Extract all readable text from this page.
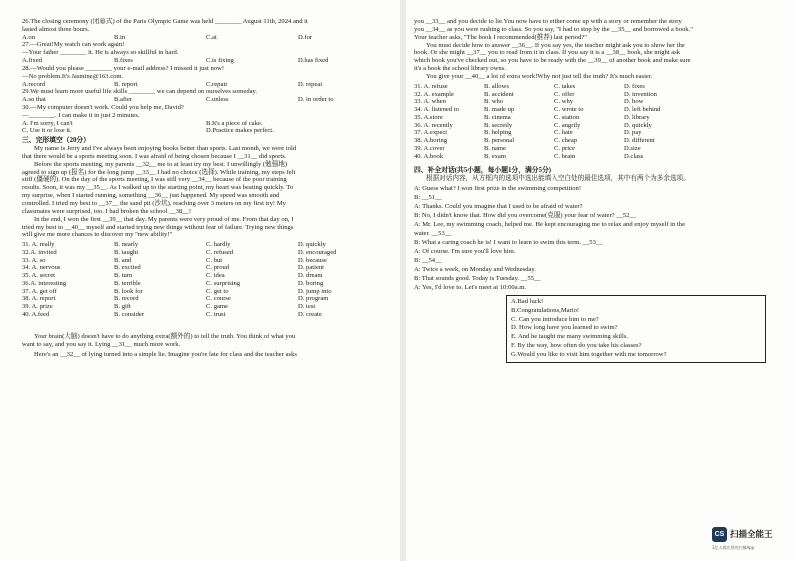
26.The closing ceremony (闭幕式) of the Paris Olympic Game was held ________ August 11th, 2024 and it
lasted almost three hours.
A.on	B.in	C.at	D.for
27.—Great!My watch can work again!
—Your father ________ it. He is always so skillful in hard.
A.fixed	B.fixes	C.is fixing	D.has fixed
28.—Would you please ________ your e-mail address? I missed it just now!
—No problem.It's Jasmine@163.com.
A.record	B. report	C.repair	D. repeat
29.We must learn more useful life skills ________ we can depend on ourselves someday.
A.so that	B.after	C.unless	D. in order to
30.—My computer doesn't work. Could you help me, David?
—________. I can make it in just 2 minutes.
A. I'm sorry, I can't	B.It's a piece of cake.
C. Use it or lose it.	D.Practice makes perfect.
三、完形填空（20分）
My name is Jerry and I've always been enjoying books better than sports. Last month, we were told
that there would be a sports meeting soon. I was afraid of being chosen because I __31__ did sports.
Before the sports meeting, my parents __32__ me to at least try my best. I unwillingly (勉强地)
agreed to sign up (报名) for the long jump __33__ I had no choice (选择). While training, my steps felt
stiff (僵硬的). On the day of the sports meeting, I was still very __34__ because of the poor training
results. Soon, it was my __35__. As I walked up to the starting point, my heart was beating quickly. To
my surprise, when I started running, something __36__ just happened. My speed was smooth and
controlled. I tried my best to __37__ the sand pit (沙坑), reaching over 3 meters on my first try! My
classmates were surprised, too. I had broken the school __38__!
In the end, I won the first __39__ that day. My parents were very proud of me. From that day on, I
tried my best to __40__ myself and started trying new things without fear of failure. Trying new things
will give me more chances to discover my "new ability!"
31. A. really	B. nearly	C. hardly	D. quickly
32.A. invited	B. taught	C. refused	D. encouraged
33. A. so	B. and	C. but	D. because
34. A. nervous	B. excited	C. proud	D. patient
35. A. secret	B. turn	C. idea	D. dream
36.A. interesting	B. terrible	C. surprising	D. boring
37. A. get off	B. look for	C. get to	D. jump into
38. A. report	B. record	C. course	D. program
39. A. prize	B. gift	C. game	D. test
40. A.feed	B. consider	C. trust	D. create
Your brain(大脑) doesn't have to do anything extra(额外的) to tell the truth. You think of what you
want to say, and you say it. Lying __31__ much more work.
Here's an __32__ of lying turned into a simple lie. Imagine you're late for class and the teacher asks
you __33__ and you decide to lie.You now have to either come up with a story or remember the story
you __34__ as you were rushing to class. So you say, "I had to stop by the __35__ and borrowed a book."
Your teacher asks, "The book I recommended(推荐) last period?"
You must decide how to answer __36__. If you say yes, the teacher might ask you to show her the
book. Or she might __37__ you to read from it in class. If you say it is a __38__ book, she might ask
which book you've checked out, so you have to be ready with the __39__ of another book and make sure
it's a book the school library owns.
You give your __40__ a lot of extra work!Why not just tell the truth? It's much easier.
31. A. refuse	B. allows	C. takes	D. fixes
32. A. example	B. accident	C. offer	D. invention
33. A. when	B. who	C. why	D. how
34. A. listened to	B. made up	C. wrote to	D. left behind
35. A.store	B. cinema	C. station	D. library
36. A. recently	B. secretly	C. angrily	D. quickly
37. A.expect	B. helping	C. hate	D. pay
38. A.boring	B. personal	C. cheap	D. different
39. A.cover	B. name	C. price	D.size
40. A.book	B. exam	C. brain	D.class
四、补全对话(共5小题，每小题1分，满分5分)
根据对话内容，从方框内的选项中选出能填入空白处的最佳选项，其中有两个为多余选项。
A: Guess what? I won first prize in the swimming competition!
B: __51__
A: Thanks. Could you imagine that I used to be afraid of water?
B: No, I didn't know that. How did you overcome(克服) your fear of water? __52__
A: Mr. Lee, my swimming coach, helped me. He kept encouraging me to relax and enjoy myself in the
water. __53__
B: What a caring coach he is! I want to learn to swim this term. __53__
A: Of course. I'm sure you'll love him.
B: __54__
A: Twice a week, on Monday and Wednesday.
B: That sounds good. Today is Tuesday. __55__
A: Yes, I'd love to. Let's meet at 10:00a.m.
A.Bad luck!
B.Congratulations,Mario!
C. Can you introduce him to me?
D. How long have you learned to swim?
E. And he taught me many swimming skills.
F. By the way, how often do you take his classes?
G.Would you like to visit him together with me tomorrow?
CS 扫描全能王
3亿人都在用的扫描App
